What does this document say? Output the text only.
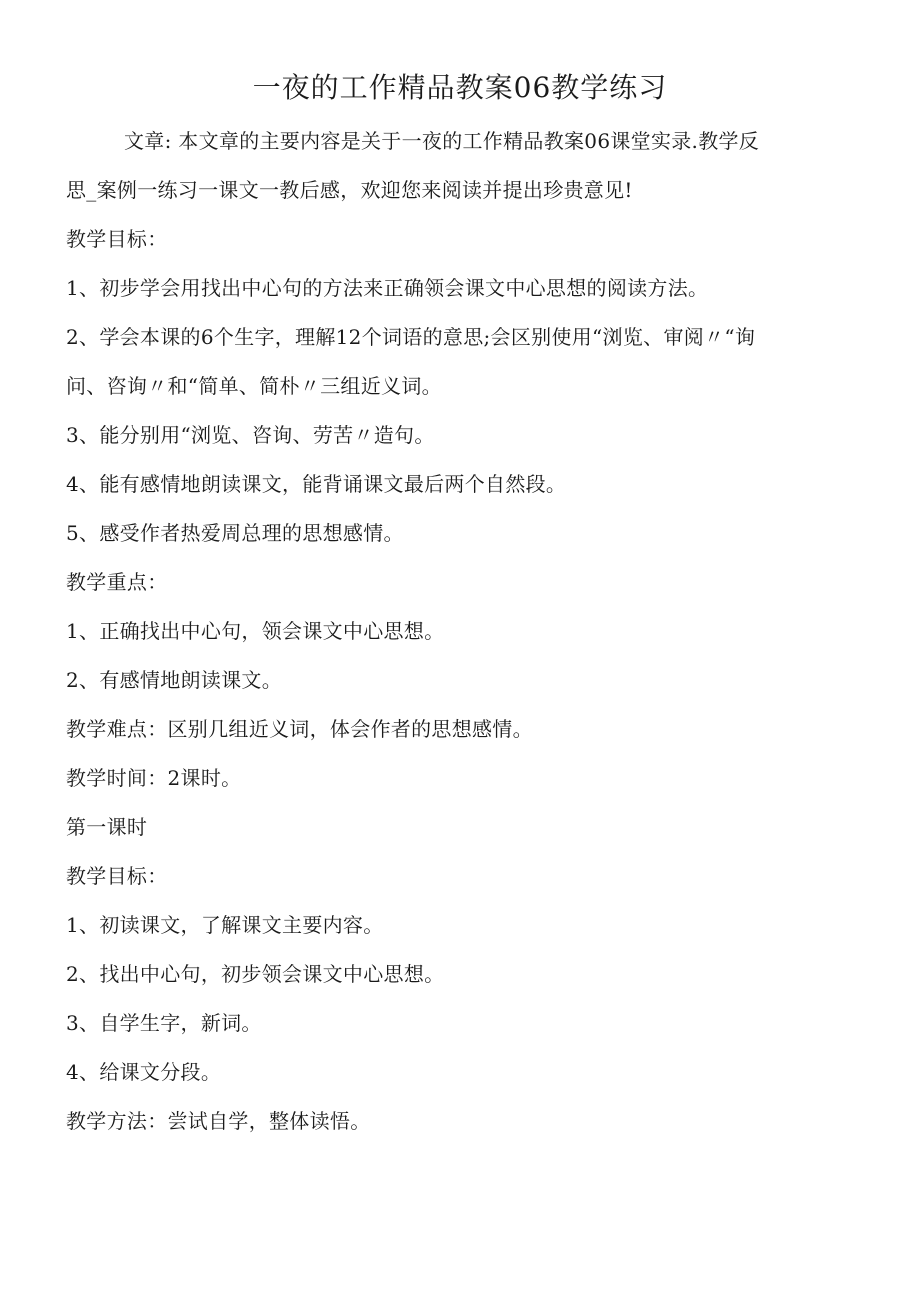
一夜的工作精品教案06教学练习

文章: 本文章的主要内容是关于一夜的工作精品教案06课堂实录.教学反

思_案例一练习一课文一教后感，欢迎您来阅读并提出珍贵意见!

教学目标：

1、初步学会用找出中心句的方法来正确领会课文中心思想的阅读方法。

2、学会本课的6个生字，理解12个词语的意思;会区别使用“浏览、审阅〃“询

问、咨询〃和“简单、简朴〃三组近义词。

3、能分别用“浏览、咨询、劳苦〃造句。

4、能有感情地朗读课文，能背诵课文最后两个自然段。

5、感受作者热爱周总理的思想感情。

教学重点：

1、正确找出中心句，领会课文中心思想。

2、有感情地朗读课文。

教学难点：区别几组近义词，体会作者的思想感情。

教学时间：2课时。

第一课时

教学目标：

1、初读课文，了解课文主要内容。

2、找出中心句，初步领会课文中心思想。

3、自学生字，新词。

4、给课文分段。

教学方法：尝试自学，整体读悟。
